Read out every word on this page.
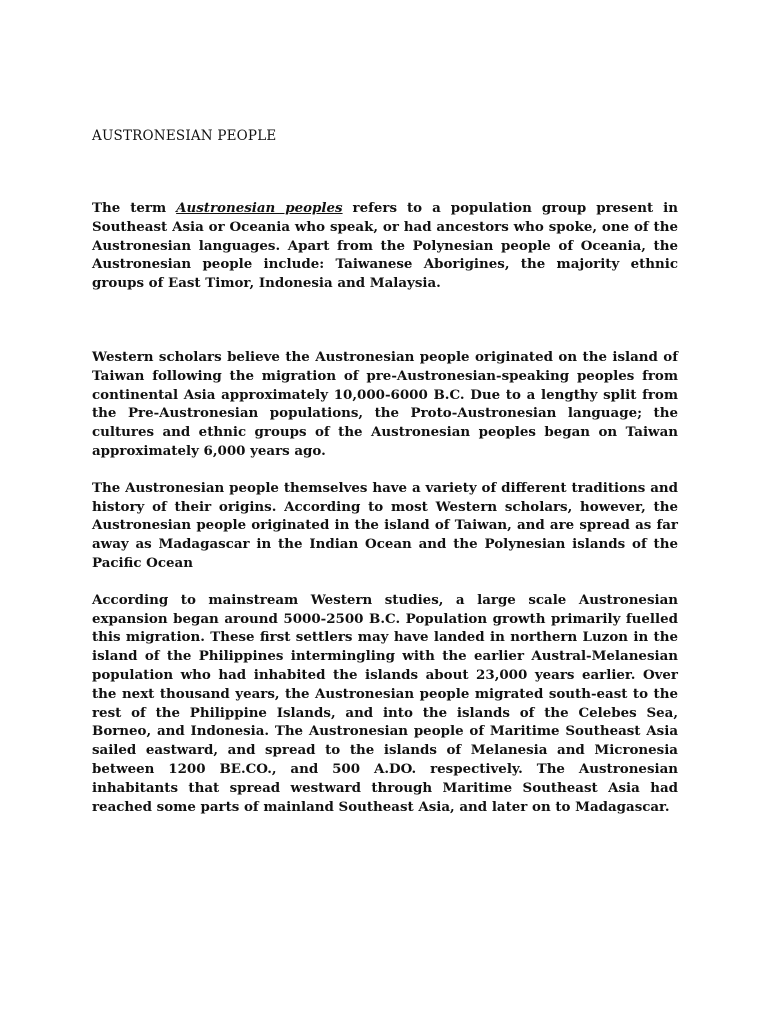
AUSTRONESIAN PEOPLE

The term Austronesian peoples refers to a population group present in Southeast Asia or Oceania who speak, or had ancestors who spoke, one of the Austronesian languages. Apart from the Polynesian people of Oceania, the Austronesian people include: Taiwanese Aborigines, the majority ethnic groups of East Timor, Indonesia and Malaysia.

Western scholars believe the Austronesian people originated on the island of Taiwan following the migration of pre-Austronesian-speaking peoples from continental Asia approximately 10,000-6000 B.C. Due to a lengthy split from the Pre-Austronesian populations, the Proto-Austronesian language; the cultures and ethnic groups of the Austronesian peoples began on Taiwan approximately 6,000 years ago.

The Austronesian people themselves have a variety of different traditions and history of their origins. According to most Western scholars, however, the Austronesian people originated in the island of Taiwan, and are spread as far away as Madagascar in the Indian Ocean and the Polynesian islands of the Pacific Ocean

According to mainstream Western studies, a large scale Austronesian expansion began around 5000-2500 B.C. Population growth primarily fuelled this migration. These first settlers may have landed in northern Luzon in the island of the Philippines intermingling with the earlier Austral-Melanesian population who had inhabited the islands about 23,000 years earlier. Over the next thousand years, the Austronesian people migrated south-east to the rest of the Philippine Islands, and into the islands of the Celebes Sea, Borneo, and Indonesia. The Austronesian people of Maritime Southeast Asia sailed eastward, and spread to the islands of Melanesia and Micronesia between 1200 BE.CO., and 500 A.DO. respectively. The Austronesian inhabitants that spread westward through Maritime Southeast Asia had reached some parts of mainland Southeast Asia, and later on to Madagascar.
